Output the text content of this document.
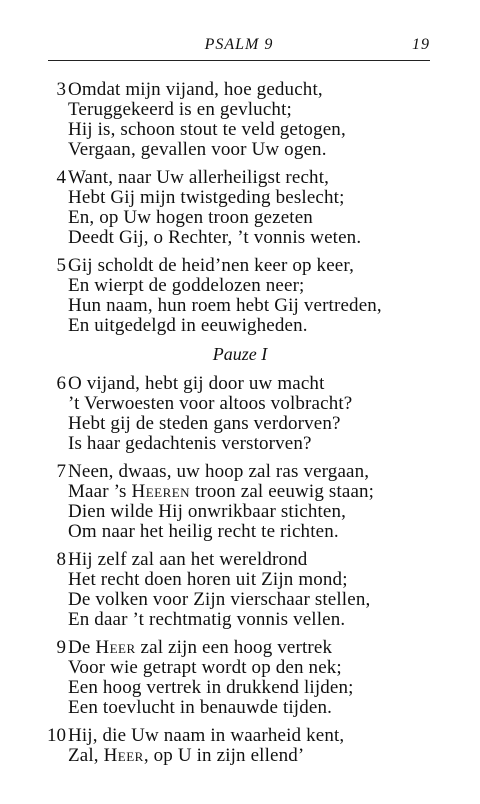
PSALM 9	19
3 Omdat mijn vijand, hoe geducht,
Teruggekeerd is en gevlucht;
Hij is, schoon stout te veld getogen,
Vergaan, gevallen voor Uw ogen.
4 Want, naar Uw allerheiligst recht,
Hebt Gij mijn twistgeding beslecht;
En, op Uw hogen troon gezeten
Deedt Gij, o Rechter, ’t vonnis weten.
5 Gij scholdt de heid’nen keer op keer,
En wierpt de goddelozen neer;
Hun naam, hun roem hebt Gij vertreden,
En uitgedelgd in eeuwigheden.
Pauze I
6 O vijand, hebt gij door uw macht
’t Verwoesten voor altoos volbracht?
Hebt gij de steden gans verdorven?
Is haar gedachtenis verstorven?
7 Neen, dwaas, uw hoop zal ras vergaan,
Maar ’s Heeren troon zal eeuwig staan;
Dien wilde Hij onwrikbaar stichten,
Om naar het heilig recht te richten.
8 Hij zelf zal aan het wereldrond
Het recht doen horen uit Zijn mond;
De volken voor Zijn vierschaar stellen,
En daar ’t rechtmatig vonnis vellen.
9 De Heer zal zijn een hoog vertrek
Voor wie getrapt wordt op den nek;
Een hoog vertrek in drukkend lijden;
Een toevlucht in benauwde tijden.
10 Hij, die Uw naam in waarheid kent,
Zal, Heer, op U in zijn ellend’
